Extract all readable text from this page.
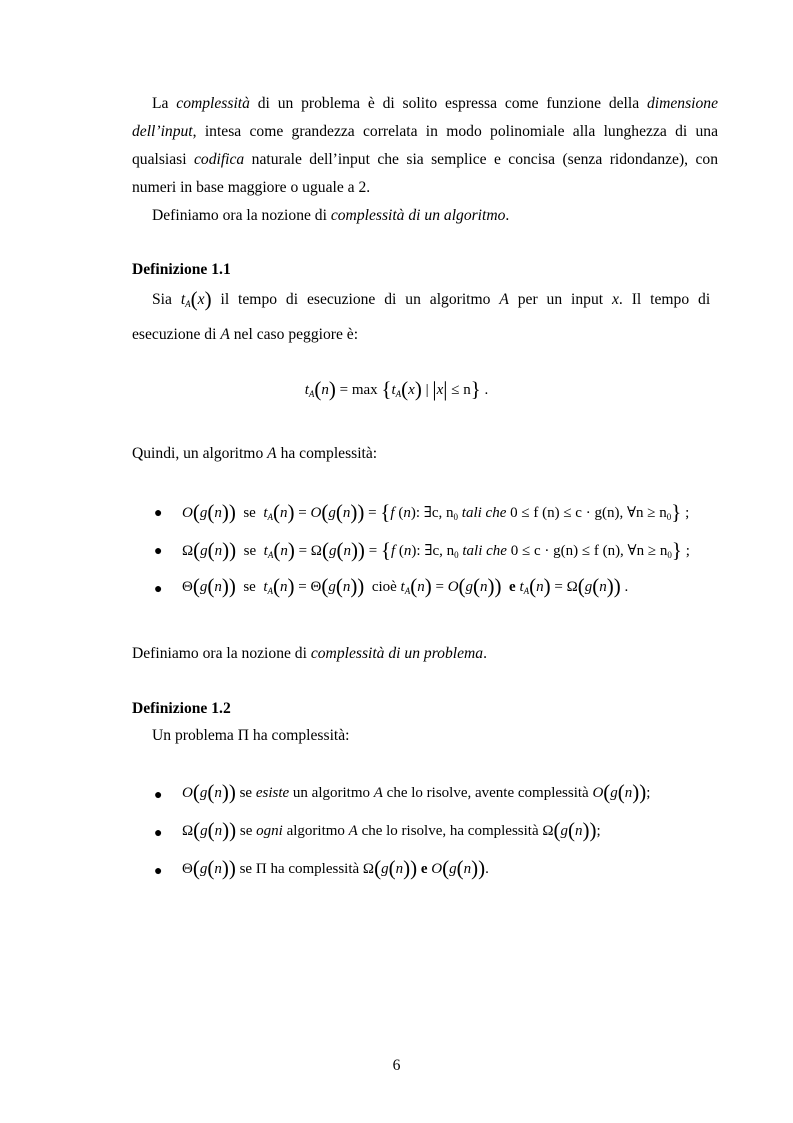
La complessità di un problema è di solito espressa come funzione della dimensione dell’input, intesa come grandezza correlata in modo polinomiale alla lunghezza di una qualsiasi codifica naturale dell’input che sia semplice e concisa (senza ridondanze), con numeri in base maggiore o uguale a 2.

Definiamo ora la nozione di complessità di un algoritmo.

Definizione 1.1

Sia $t_A(x)$ il tempo di esecuzione di un algoritmo A per un input x. Il tempo di

esecuzione di A nel caso peggiore è:

$t_A(n) = \max \{t_A(x)$ | |x| ≤ n} .

Quindi, un algoritmo A ha complessità:

● O(g(n)) se $t_A(n) = O(g(n)) = \{f$ (n): ∃c, $n_0$ tali che 0 ≤ f (n) ≤ c · g(n), ∀n ≥ $n_0$} ;
● Ω(g(n)) se $t_A(n) = \Omega(g(n)) = \{f$ (n): ∃c, $n_0$ tali che 0 ≤ c · g(n) ≤ f (n), ∀n ≥ $n_0$} ;
● Θ(g(n)) se $t_A(n) = \Theta(g(n))$ cioè $t_A(n) = O(g(n))$ e $t_A(n) = \Omega(g(n))$ .

Definiamo ora la nozione di complessità di un problema.

Definizione 1.2

Un problema Π ha complessità:

● O(g(n)) se esiste un algoritmo A che lo risolve, avente complessità O(g(n));
● Ω(g(n)) se ogni algoritmo A che lo risolve, ha complessità Ω(g(n));
● Θ(g(n)) se Π ha complessità Ω(g(n)) e O(g(n)).
6
